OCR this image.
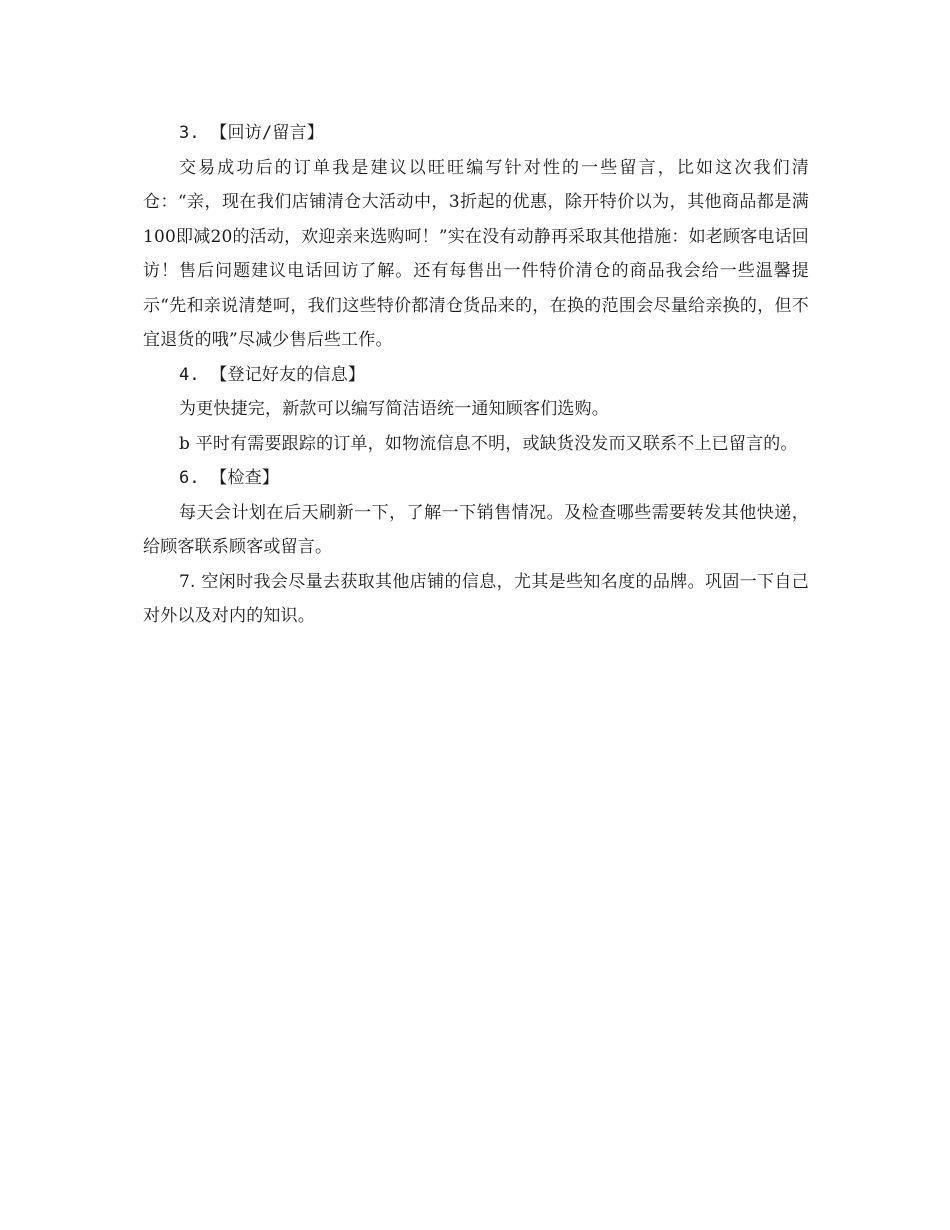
3. 【回访/留言】

交易成功后的订单我是建议以旺旺编写针对性的一些留言，比如这次我们清仓：“亲，现在我们店铺清仓大活动中，3折起的优惠，除开特价以为，其他商品都是满100即减20的活动，欢迎亲来选购呵！”实在没有动静再采取其他措施：如老顾客电话回访！售后问题建议电话回访了解。还有每售出一件特价清仓的商品我会给一些温馨提示“先和亲说清楚呵，我们这些特价都清仓货品来的，在换的范围会尽量给亲换的，但不宜退货的哦”尽减少售后些工作。

4. 【登记好友的信息】

为更快捷完，新款可以编写简洁语统一通知顾客们选购。

b 平时有需要跟踪的订单，如物流信息不明，或缺货没发而又联系不上已留言的。

6. 【检查】

每天会计划在后天刷新一下，了解一下销售情况。及检查哪些需要转发其他快递，给顾客联系顾客或留言。

7. 空闲时我会尽量去获取其他店铺的信息，尤其是些知名度的品牌。巩固一下自己对外以及对内的知识。
